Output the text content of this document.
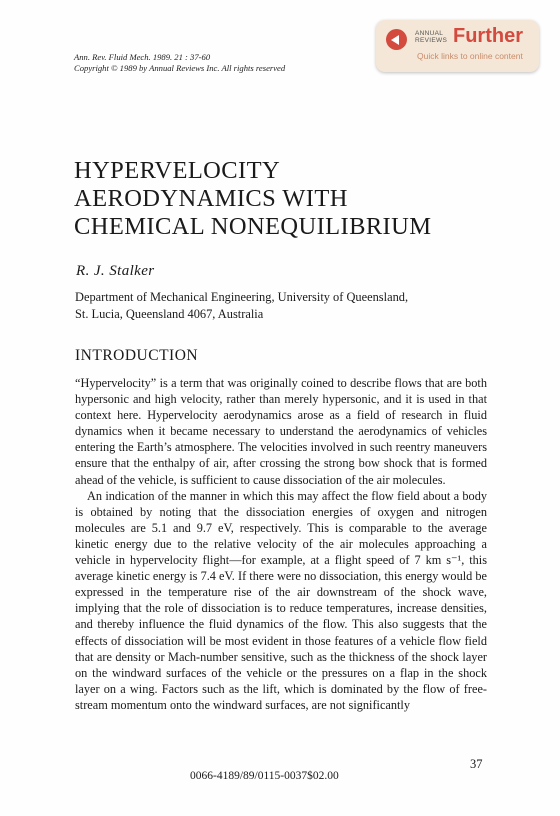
Ann. Rev. Fluid Mech. 1989. 21 : 37-60
Copyright © 1989 by Annual Reviews Inc. All rights reserved
ANNUAL
REVIEWS Further
Quick links to online content
HYPERVELOCITY
AERODYNAMICS WITH
CHEMICAL NONEQUILIBRIUM
R. J. Stalker
Department of Mechanical Engineering, University of Queensland,
St. Lucia, Queensland 4067, Australia
INTRODUCTION

“Hypervelocity” is a term that was originally coined to describe flows that are both hypersonic and high velocity, rather than merely hypersonic, and it is used in that context here. Hypervelocity aerodynamics arose as a field of research in fluid dynamics when it became necessary to understand the aerodynamics of vehicles entering the Earth’s atmosphere. The velocities involved in such reentry maneuvers ensure that the enthalpy of air, after crossing the strong bow shock that is formed ahead of the vehicle, is sufficient to cause dissociation of the air molecules.

An indication of the manner in which this may affect the flow field about a body is obtained by noting that the dissociation energies of oxygen and nitrogen molecules are 5.1 and 9.7 eV, respectively. This is comparable to the average kinetic energy due to the relative velocity of the air molecules approaching a vehicle in hypervelocity flight—for example, at a flight speed of 7 km s⁻¹, this average kinetic energy is 7.4 eV. If there were no dissociation, this energy would be expressed in the temperature rise of the air downstream of the shock wave, implying that the role of dissociation is to reduce temperatures, increase densities, and thereby influence the fluid dynamics of the flow. This also suggests that the effects of dissociation will be most evident in those features of a vehicle flow field that are density or Mach-number sensitive, such as the thickness of the shock layer on the windward surfaces of the vehicle or the pressures on a flap in the shock layer on a wing. Factors such as the lift, which is dominated by the flow of free-stream momentum onto the windward surfaces, are not significantly

37
0066-4189/89/0115-0037$02.00
